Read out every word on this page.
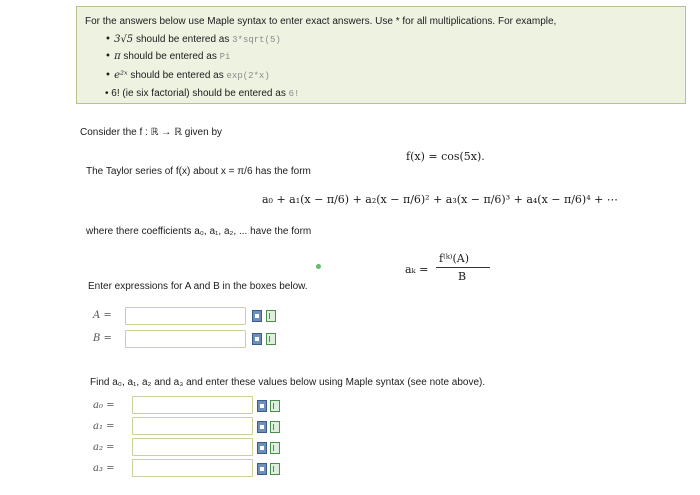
For the answers below use Maple syntax to enter exact answers. Use * for all multiplications. For example,
• 3√5 should be entered as 3*sqrt(5)
• π should be entered as Pi
• e²ˣ should be entered as exp(2*x)
• 6! (ie six factorial) should be entered as 6!
Consider the f : ℝ → ℝ given by
f(x) = cos(5x).
The Taylor series of f(x) about x = π/6 has the form
a₀ + a₁(x − π/6) + a₂(x − π/6)² + a₃(x − π/6)³ + a₄(x − π/6)⁴ + ⋯
where there coefficients a₀, a₁, a₂, ... have the form
aₖ =
f⁽ᵏ⁾(A)
B
Enter expressions for A and B in the boxes below.
A =
B =
Find a₀, a₁, a₂ and a₃ and enter these values below using Maple syntax (see note above).
a₀ =
a₁ =
a₂ =
a₃ =
